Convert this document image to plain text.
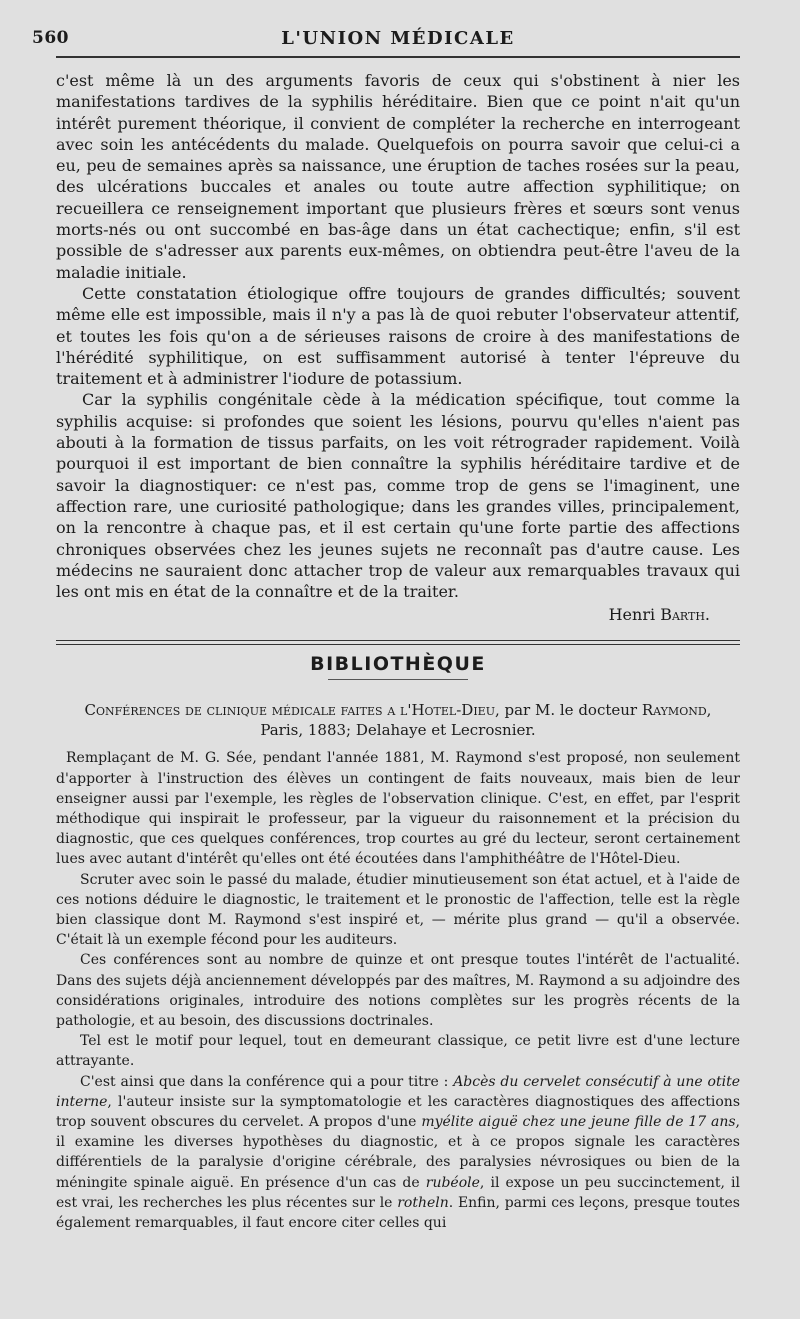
560	L'UNION MÉDICALE

c'est même là un des arguments favoris de ceux qui s'obstinent à nier les manifestations tardives de la syphilis héréditaire. Bien que ce point n'ait qu'un intérêt purement théorique, il convient de compléter la recherche en interrogeant avec soin les antécédents du malade. Quelquefois on pourra savoir que celui-ci a eu, peu de semaines après sa naissance, une éruption de taches rosées sur la peau, des ulcérations buccales et anales ou toute autre affection syphilitique; on recueillera ce renseignement important que plusieurs frères et sœurs sont venus morts-nés ou ont succombé en bas-âge dans un état cachectique; enfin, s'il est possible de s'adresser aux parents eux-mêmes, on obtiendra peut-être l'aveu de la maladie initiale.

Cette constatation étiologique offre toujours de grandes difficultés; souvent même elle est impossible, mais il n'y a pas là de quoi rebuter l'observateur attentif, et toutes les fois qu'on a de sérieuses raisons de croire à des manifestations de l'hérédité syphilitique, on est suffisamment autorisé à tenter l'épreuve du traitement et à administrer l'iodure de potassium.

Car la syphilis congénitale cède à la médication spécifique, tout comme la syphilis acquise: si profondes que soient les lésions, pourvu qu'elles n'aient pas abouti à la formation de tissus parfaits, on les voit rétrograder rapidement. Voilà pourquoi il est important de bien connaître la syphilis héréditaire tardive et de savoir la diagnostiquer: ce n'est pas, comme trop de gens se l'imaginent, une affection rare, une curiosité pathologique; dans les grandes villes, principalement, on la rencontre à chaque pas, et il est certain qu'une forte partie des affections chroniques observées chez les jeunes sujets ne reconnaît pas d'autre cause. Les médecins ne sauraient donc attacher trop de valeur aux remarquables travaux qui les ont mis en état de la connaître et de la traiter.

Henri Barth.
BIBLIOTHÈQUE
Conférences de clinique médicale faites a l'Hotel-Dieu, par M. le docteur Raymond,
Paris, 1883; Delahaye et Lecrosnier.

Remplaçant de M. G. Sée, pendant l'année 1881, M. Raymond s'est proposé, non seulement d'apporter à l'instruction des élèves un contingent de faits nouveaux, mais bien de leur enseigner aussi par l'exemple, les règles de l'observation clinique. C'est, en effet, par l'esprit méthodique qui inspirait le professeur, par la vigueur du raisonnement et la précision du diagnostic, que ces quelques conférences, trop courtes au gré du lecteur, seront certainement lues avec autant d'intérêt qu'elles ont été écoutées dans l'amphithéâtre de l'Hôtel-Dieu.

Scruter avec soin le passé du malade, étudier minutieusement son état actuel, et à l'aide de ces notions déduire le diagnostic, le traitement et le pronostic de l'affection, telle est la règle bien classique dont M. Raymond s'est inspiré et, — mérite plus grand — qu'il a observée. C'était là un exemple fécond pour les auditeurs.

Ces conférences sont au nombre de quinze et ont presque toutes l'intérêt de l'actualité. Dans des sujets déjà anciennement développés par des maîtres, M. Raymond a su adjoindre des considérations originales, introduire des notions complètes sur les progrès récents de la pathologie, et au besoin, des discussions doctrinales.

Tel est le motif pour lequel, tout en demeurant classique, ce petit livre est d'une lecture attrayante.

C'est ainsi que dans la conférence qui a pour titre : Abcès du cervelet consécutif à une otite interne, l'auteur insiste sur la symptomatologie et les caractères diagnostiques des affections trop souvent obscures du cervelet. A propos d'une myélite aiguë chez une jeune fille de 17 ans, il examine les diverses hypothèses du diagnostic, et à ce propos signale les caractères différentiels de la paralysie d'origine cérébrale, des paralysies névrosiques ou bien de la méningite spinale aiguë. En présence d'un cas de rubéole, il expose un peu succinctement, il est vrai, les recherches les plus récentes sur le rotheln. Enfin, parmi ces leçons, presque toutes également remarquables, il faut encore citer celles qui
